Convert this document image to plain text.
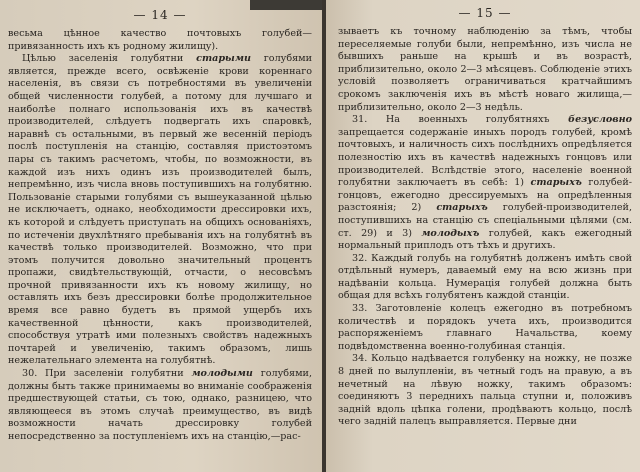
— 14 —

весьма цѣнное качество почтовыхъ голубей—привязанность ихъ къ родному жилищу).

Цѣлью заселенія голубятни старыми голубями является, прежде всего, освѣженіе крови кореннаго населенія, въ связи съ потребностями въ увеличеніи общей численности голубей, а потому для лучшаго и наиболѣе полнаго использованія ихъ въ качествѣ производителей, слѣдуетъ подвергать ихъ спаровкѣ, наравнѣ съ остальными, въ первый же весенній періодъ послѣ поступленія на станцію, составляя пристоэтомъ пары съ такимъ расчетомъ, чтобы, по возможности, въ каждой изъ нихъ одинъ изъ производителей былъ, непремѣнно, изъ числа вновь поступившихъ на голубятню. Пользованіе старыми голубями съ вышеуказанной цѣлью не исключаетъ, однако, необходимости дрессировки ихъ, къ которой и слѣдуетъ приступать на общихъ основаніяхъ, по истеченіи двухлѣтняго пребыванія ихъ на голубятнѣ въ качествѣ только производителей. Возможно, что при этомъ получится довольно значительный процентъ пропажи, свидѣтельствующій, отчасти, о несовсѣмъ прочной привязанности ихъ къ новому жилищу, но оставлять ихъ безъ дрессировки болѣе продолжительное время все равно будетъ въ прямой ущербъ ихъ качественной цѣнности, какъ производителей, способствуя утратѣ ими полезныхъ свойствъ надежныхъ почтарей и увеличенію, такимъ образомъ, лишь нежелательнаго элемента на голубятнѣ.

30. При заселеніи голубятни молодыми голубями, должны быть также принимаемы во вниманіе соображенія предшествующей статьи, съ тою, однако, разницею, что являющееся въ этомъ случаѣ преимущество, въ видѣ возможности начать дрессировку голубей непосредственно за поступленіемъ ихъ на станцію,—рас-

— 15 —

зываетъ къ точному наблюденію за тѣмъ, чтобы переселяемые голуби были, непремѣнно, изъ числа не бывшихъ раньше на крышѣ и въ возрастѣ, приблизительно, около 2—3 мѣсяцевъ. Соблюденіе этихъ условій позволяетъ ограничиваться кратчайшимъ срокомъ заключенія ихъ въ мѣстѣ новаго жилища,—приблизительно, около 2—3 недѣль.

31. На военныхъ голубятняхъ безусловно запрещается содержаніе иныхъ породъ голубей, кромѣ почтовыхъ, и наличность сихъ послѣднихъ опредѣляется полезностію ихъ въ качествѣ надежныхъ гонцовъ или производителей. Вслѣдствіе этого, населеніе военной голубятни заключаетъ въ себѣ: 1) старыхъ голубей-гонцовъ, ежегодно дрессируемыхъ на опредѣленныя разстоянія; 2) старыхъ голубей-производителей, поступившихъ на станцію съ спеціальными цѣлями (см. ст. 29) и 3) молодыхъ голубей, какъ ежегодный нормальный приплодъ отъ тѣхъ и другихъ.

32. Каждый голубь на голубятнѣ долженъ имѣть свой отдѣльный нумеръ, даваемый ему на всю жизнь при надѣваніи кольца. Нумерація голубей должна быть общая для всѣхъ голубятенъ каждой станціи.

33. Заготовленіе колецъ ежегодно въ потребномъ количествѣ и порядокъ учета ихъ, производится распоряженіемъ главнаго Начальства, коему подвѣдомственна военно-голубиная станція.

34. Кольцо надѣвается голубенку на ножку, не позже 8 дней по вылупленіи, въ четный годъ на правую, а въ нечетный на лѣвую ножку, такимъ образомъ: соединяютъ 3 переднихъ пальца ступни и, положивъ задній вдоль цѣпка голени, продѣваютъ кольцо, послѣ чего задній палецъ выправляется. Первые дни
